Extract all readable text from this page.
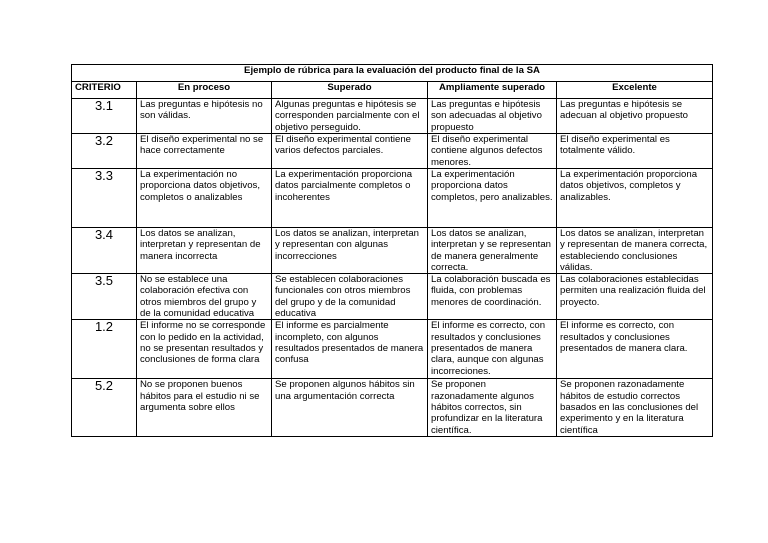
Ejemplo de rúbrica para la evaluación del producto final de la SA				
CRITERIO	En proceso	Superado	Ampliamente superado	Excelente
3.1	Las preguntas e hipótesis no son válidas.	Algunas preguntas e hipótesis se corresponden parcialmente con el objetivo perseguido.	Las preguntas e hipótesis son adecuadas al objetivo propuesto	Las preguntas e hipótesis se adecuan al objetivo propuesto
3.2	El diseño experimental no se hace correctamente	El diseño experimental contiene varios defectos parciales.	El diseño experimental contiene algunos defectos menores.	El diseño experimental es totalmente válido.
3.3	La experimentación no proporciona datos objetivos, completos o analizables	La experimentación proporciona datos parcialmente completos o incoherentes	La experimentación proporciona datos completos, pero analizables.	La experimentación proporciona datos objetivos, completos y analizables.
3.4	Los datos se analizan, interpretan y representan de manera incorrecta	Los datos se analizan, interpretan y representan con algunas incorrecciones	Los datos se analizan, interpretan y se representan de manera generalmente correcta.	Los datos se analizan, interpretan y representan de manera correcta, estableciendo conclusiones válidas.
3.5	No se establece una colaboración efectiva con otros miembros del grupo y de la comunidad educativa	Se establecen colaboraciones funcionales con otros miembros del grupo y de la comunidad educativa	La colaboración buscada es fluida, con problemas menores de coordinación.	Las colaboraciones establecidas permiten una realización fluida del proyecto.
1.2	El informe no se corresponde con lo pedido en la actividad, no se presentan resultados y conclusiones de forma clara	El informe es parcialmente incompleto, con algunos resultados presentados de manera confusa	El informe es correcto, con resultados y conclusiones presentados de manera clara, aunque con algunas incorreciones.	El informe es correcto, con resultados y conclusiones presentados de manera clara.
5.2	No se proponen buenos hábitos para el estudio ni se argumenta sobre ellos	Se proponen algunos hábitos sin una argumentación correcta	Se proponen razonadamente algunos hábitos correctos, sin profundizar en la literatura científica.	Se proponen razonadamente hábitos de estudio correctos basados en las conclusiones del experimento y en la literatura científica
